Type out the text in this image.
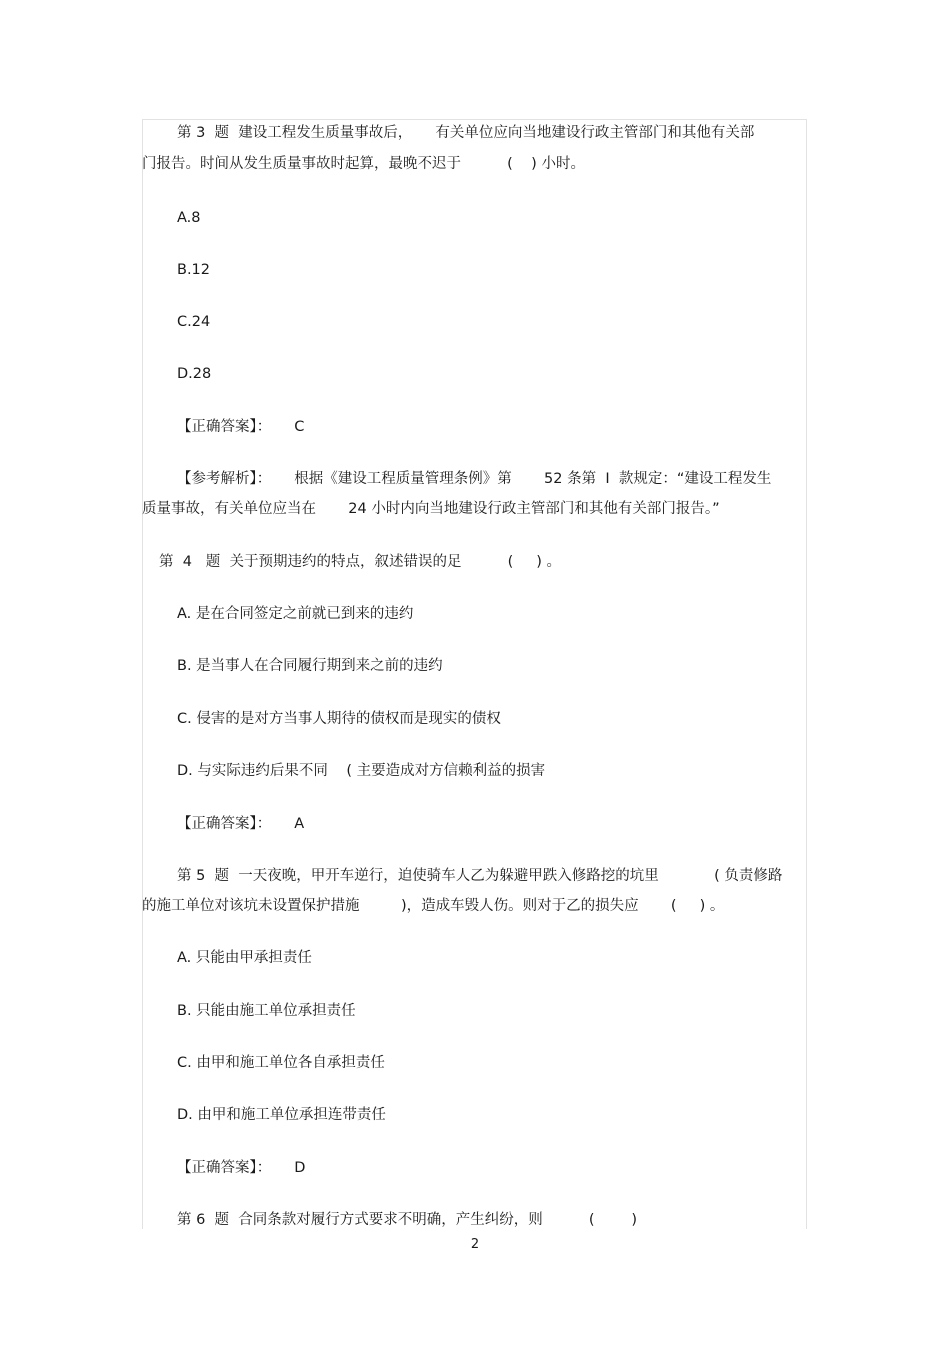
第 3  题  建设工程发生质量事故后，     有关单位应向当地建设行政主管部门和其他有关部
门报告。时间从发生质量事故时起算，最晚不迟于          (    ) 小时。
A.8
B.12
C.24
D.28
【正确答案】：     C
【参考解析】：     根据《建设工程质量管理条例》第       52 条第  Ⅰ  款规定：“建设工程发生
质量事故，有关单位应当在       24 小时内向当地建设行政主管部门和其他有关部门报告。”
第  4   题  关于预期违约的特点，叙述错误的足          (     ) 。
A. 是在合同签定之前就已到来的违约
B. 是当事人在合同履行期到来之前的违约
C. 侵害的是对方当事人期待的债权而是现实的债权
D. 与实际违约后果不同    ( 主要造成对方信赖利益的损害
【正确答案】：     A
第 5  题  一天夜晚，甲开车逆行，迫使骑车人乙为躲避甲跌入修路挖的坑里            ( 负责修路
的施工单位对该坑未设置保护措施         )，造成车毁人伤。则对于乙的损失应       (     ) 。
A. 只能由甲承担责任
B. 只能由施工单位承担责任
C. 由甲和施工单位各自承担责任
D. 由甲和施工单位承担连带责任
【正确答案】：     D
第 6  题  合同条款对履行方式要求不明确，产生纠纷，则          (        )
2
